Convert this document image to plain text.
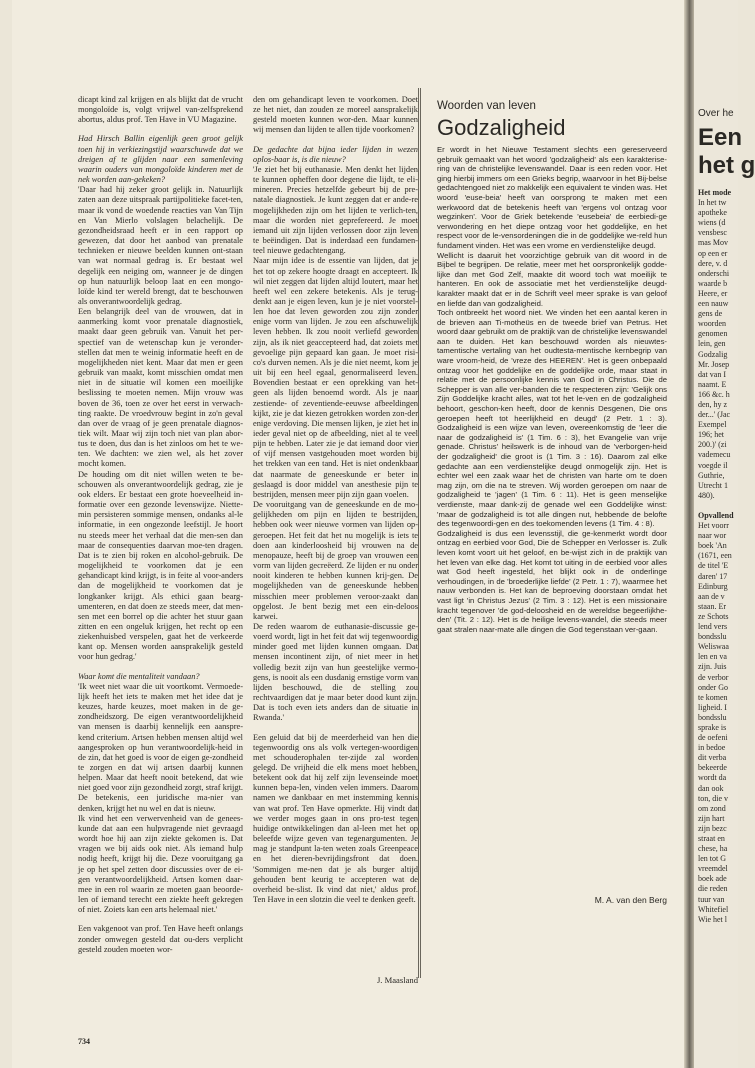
dicapt kind zal krijgen en als blijkt dat de vrucht mongoloïde is, volgt vrijwel van-zelfsprekend abortus, aldus prof. Ten Have in VU Magazine.

Had Hirsch Ballin eigenlijk geen groot gelijk toen hij in verkiezingstijd waarschuwde dat we dreigen af te glijden naar een samenleving waarin ouders van mongoloïde kinderen met de nek worden aan-gekeken?

'Daar had hij zeker groot gelijk in. Natuurlijk zaten aan deze uitspraak partijpolitieke facet-ten, maar ik vond de woedende reacties van Van Tijn en Van Mierlo volslagen belachelijk. De gezondheidsraad heeft er in een rapport op gewezen, dat door het aanbod van prenatale technieken er nieuwe beelden kunnen ont-staan van wat normaal gedrag is. Er bestaat wel degelijk een neiging om, wanneer je de dingen op hun natuurlijk beloop laat en een mongo-loïde kind ter wereld brengt, dat te beschouwen als onverantwoordelijk gedrag.

Een belangrijk deel van de vrouwen, dat in aanmerking komt voor prenatale diagnostiek, maakt daar geen gebruik van. Vanuit het per-spectief van de wetenschap kun je veronder-stellen dat men te weinig informatie heeft en de mogelijkheden niet kent. Maar dat men er geen gebruik van maakt, komt misschien omdat men niet in de situatie wil komen een moeilijke beslissing te moeten nemen. Mijn vrouw was boven de 36, toen ze over het eerst in verwach-ting raakte. De vroedvrouw begint in zo'n geval dan over de vraag of je geen prenatale diagnos-tiek wilt. Maar wij zijn toch niet van plan abor-tus te doen, dus dan is het zinloos om het te we-ten. We dachten: we zien wel, als het zover mocht komen.

De houding om dit niet willen weten te be-schouwen als onverantwoordelijk gedrag, zie je ook elders. Er bestaat een grote hoeveelheid in-formatie over een gezonde levenswijze. Niette-min persisteren sommige mensen, ondanks al-le informatie, in een ongezonde leefstijl. Je hoort nu steeds meer het verhaal dat die men-sen dan maar de consequenties daarvan moe-ten dragen. Dat is te zien bij roken en alcohol-gebruik. De mogelijkheid te voorkomen dat je een gehandicapt kind krijgt, is in feite al voor-anders dan de mogelijkheid te voorkomen dat je longkanker krijgt. Als ethici gaan bearg-umenteren, en dat doen ze steeds meer, dat men-sen met een borrel op die achter het stuur gaan zitten en een ongeluk krijgen, het recht op een ziekenhuisbed verspelen, gaat het de verkeerde kant op. Mensen worden aansprakelijk gesteld voor hun gedrag.'

Waar komt die mentaliteit vandaan?

'Ik weet niet waar die uit voortkomt. Vermoede-lijk heeft het iets te maken met het idee dat je keuzes, harde keuzes, moet maken in de ge-zondheidszorg. De eigen verantwoordelijkheid van mensen is daarbij kennelijk een aanspre-kend criterium. Artsen hebben mensen altijd wel aangesproken op hun verantwoordelijk-heid in de zin, dat het goed is voor de eigen ge-zondheid te zorgen en dat wij artsen daarbij kunnen helpen. Maar dat heeft nooit betekend, dat wie niet goed voor zijn gezondheid zorgt, straf krijgt. De betekenis, een juridische ma-nier van denken, krijgt het nu wel en dat is nieuw.

Ik vind het een verwervenheid van de genees-kunde dat aan een hulpvragende niet gevraagd wordt hoe hij aan zijn ziekte gekomen is. Dat vragen we bij aids ook niet. Als iemand hulp nodig heeft, krijgt hij die. Deze vooruitgang ga je op het spel zetten door discussies over de ei-gen verantwoordelijkheid. Artsen komen daar-mee in een rol waarin ze moeten gaan beoorde-len of iemand terecht een ziekte heeft gekregen of niet. Zoiets kan een arts helemaal niet.'

Een vakgenoot van prof. Ten Have heeft onlangs zonder omwegen gesteld dat ou-ders verplicht gesteld zouden moeten wor-

den om gehandicapt leven te voorkomen. Doet ze het niet, dan zouden ze moreel aansprakelijk gesteld moeten kunnen wor-den. Maar kunnen wij mensen dan lijden te allen tijde voorkomen?

De gedachte dat bijna ieder lijden in wezen oplos-baar is, is die nieuw?

'Je ziet het bij euthanasie. Men denkt het lijden te kunnen opheffen door degene die lijdt, te eli-mineren. Precies hetzelfde gebeurt bij de pre-natale diagnostiek. Je kunt zeggen dat er ande-re mogelijkheden zijn om het lijden te verlich-ten, maar die worden niet geprefereerd. Je moet iemand uit zijn lijden verlossen door zijn leven te beëindigen. Dat is inderdaad een fundamen-teel nieuwe gedachtengang.

Naar mijn idee is de essentie van lijden, dat je het tot op zekere hoogte draagt en accepteert. Ik wil niet zeggen dat lijden altijd loutert, maar het heeft wel een zekere betekenis. Als je terug-denkt aan je eigen leven, kun je je niet voorstel-len hoe dat leven geworden zou zijn zonder enige vorm van lijden. Je zou een afschuwelijk leven hebben. Ik zou nooit verliefd geworden zijn, als ik niet geaccepteerd had, dat zoiets met gevoelige pijn gepaard kan gaan. Je moet risi-co's durven nemen. Als je die niet neemt, kom je uit bij een heel egaal, genormaliseerd leven. Bovendien bestaat er een oprekking van het-geen als lijden benoemd wordt. Als je naar zestiende- of zeventiende-eeuwse afbeeldingen kijkt, zie je dat kiezen getrokken worden zon-der enige verdoving. Die mensen lijken, je ziet het in ieder geval niet op de afbeelding, niet al te veel pijn te hebben. Later zie je dat iemand door vier of vijf mensen vastgehouden moet worden bij het trekken van een tand. Het is niet ondenkbaar dat naarmate de geneeskunde er beter in geslaagd is door middel van anesthesie pijn te bestrijden, mensen meer pijn zijn gaan voelen.

De vooruitgang van de geneeskunde en de mo-gelijkheden om pijn en lijden te bestrijden, hebben ook weer nieuwe vormen van lijden op-geroepen. Het feit dat het nu mogelijk is iets te doen aan kinderloosheid bij vrouwen na de menopauze, heeft bij de groep van vrouwen een vorm van lijden gecreëerd. Ze lijden er nu onder nooit kinderen te hebben kunnen krij-gen. De mogelijkheden van de geneeskunde hebben misschien meer problemen veroor-zaakt dan opgelost. Je bent bezig met een ein-deloos karwei.

De reden waarom de euthanasie-discussie ge-voerd wordt, ligt in het feit dat wij tegenwoordig minder goed met lijden kunnen omgaan. Dat mensen incontinent zijn, of niet meer in het volledig bezit zijn van hun geestelijke vermo-gens, is nooit als een dusdanig ernstige vorm van lijden beschouwd, die de stelling zou rechtvaardigen dat je maar beter dood kunt zijn. Dat is toch even iets anders dan de situatie in Rwanda.'

Een geluid dat bij de meerderheid van hen die tegenwoordig ons als volk vertegen-woordigen met schouderophalen ter-zijde zal worden gelegd. De vrijheid die elk mens moet hebben, betekent ook dat hij zelf zijn levenseinde moet kunnen bepa-len, vinden velen immers. Daarom namen we dankbaar en met instemming kennis van wat prof. Ten Have opmerkte. Hij vindt dat we verder moges gaan in ons pro-test tegen huidige ontwikkelingen dan al-leen met het op beleefde wijze geven van tegenargumenten. Je mag je standpunt la-ten weten zoals Greenpeace en het dieren-bevrijdingsfront dat doen. 'Sommigen me-nen dat je als burger altijd gehouden bent keurig te accepteren wat de overheid be-slist. Ik vind dat niet,' aldus prof. Ten Have in een slotzin die veel te denken geeft.

Woorden van leven
Godzaligheid

Er wordt in het Nieuwe Testament slechts een gereserveerd gebruik gemaakt van het woord 'godzaligheid' als een karakterise-ring van de christelijke levenswandel. Daar is een reden voor. Het ging hierbij immers om een Grieks begrip, waarvoor in het Bij-belse gedachtengoed niet zo makkelijk een equivalent te vinden was. Het woord 'euse-beia' heeft van oorsprong te maken met een werkwoord dat de betekenis heeft van 'ergens vol ontzag voor wegzinken'. Voor de Griek betekende 'eusebeia' de eerbiedi-ge verwondering en het diepe ontzag voor het goddelijke, en het respect voor de le-vensordeningen die in de goddelijke we-reld hun fundament vinden. Het was een vrome en verdienstelijke deugd.

Wellicht is daaruit het voorzichtige gebruik van dit woord in de Bijbel te begrijpen. De relatie, meer met het oorspronkelijk godde-lijke dan met God Zelf, maakte dit woord toch wat moeilijk te hanteren. En ook de associatie met het verdienstelijke deugd-karakter maakt dat er in de Schrift veel meer sprake is van geloof en liefde dan van godzaligheid.

Toch ontbreekt het woord niet. We vinden het een aantal keren in de brieven aan Ti-motheüs en de tweede brief van Petrus. Het woord daar gebruikt om de praktijk van de christelijke levenswandel aan te duiden. Het kan beschouwd worden als nieuwtes-tamentische vertaling van het oudtesta-mentische kernbegrip van ware vroom-heid, de 'vreze des HEEREN'. Het is geen onbepaald ontzag voor het goddelijke en de goddelijke orde, maar staat in relatie met de persoonlijke kennis van God in Christus. Die de Schepper is van alle ver-banden die te respecteren zijn: 'Gelijk ons Zijn Goddelijke kracht alles, wat tot het le-ven en de godzaligheid behoort, geschon-ken heeft, door de kennis Desgenen, Die ons geroepen heeft tot heerlijkheid en deugd' (2 Petr. 1 : 3). Godzaligheid is een wijze van leven, overeenkomstig de 'leer die naar de godzaligheid is' (1 Tim. 6 : 3), het Evangelie van vrije genade. Christus' heilswerk is de inhoud van de 'verborgen-heid der godzaligheid' die groot is (1 Tim. 3 : 16). Daarom zal elke gedachte aan een verdienstelijke deugd onmogelijk zijn. Het is echter wel een zaak waar het de christen van harte om te doen mag zijn, om die na te streven. Wij worden geroepen om naar de godzaligheid te 'jagen' (1 Tim. 6 : 11). Het is geen menselijke verdienste, maar dank-zij de genade wel een Goddelijke winst: 'maar de godzaligheid is tot alle dingen nut, hebbende de belofte des tegenwoordi-gen en des toekomenden levens (1 Tim. 4 : 8).

Godzaligheid is dus een levensstijl, die ge-kenmerkt wordt door ontzag en eerbied voor God, Die de Schepper en Verlosser is. Zulk leven komt voort uit het geloof, en be-wijst zich in de praktijk van het leven van elke dag. Het komt tot uiting in de eerbied voor alles wat God heeft ingesteld, het blijkt ook in de onderlinge verhoudingen, in de 'broederlijke liefde' (2 Petr. 1 : 7), waarmee het nauw verbonden is. Het kan de beproeving doorstaan omdat het vast ligt 'in Christus Jezus' (2 Tim. 3 : 12). Het is een missionaire kracht tegenover 'de god-deloosheid en de wereldse begeerlijkhe-den' (Tit. 2 : 12). Het is de heilige levens-wandel, die steeds meer gaat stralen naar-mate alle dingen die God tegenstaan ver-gaan.

M. A. van den Berg
J. Maasland
734
Over he
Een
het g
Het mode
In het tw
apotheke
wiens (d
vensbesc
mas Mov
op een er
dere, v. d
onderschi
waarde b
Heere, er
een nauw
gens de
woorden
genomen
lein, gen
Godzalig
Mr. Josep
dat van I
naamt. E
166 &c. h
den, hy z
der...' (Jac
Exempel
196; het
200.)' (zi
vademecu
voegde il
Guthrie,
Utrecht 1
480).

Opvallend
Het voorr
naar wor
boek 'An
(1671, een
de titel 'E
daren' 17
Edinburg
aan de v
staan. Er
ze Schots
lend vers
bondsslu
Weliswaa
len en va
zijn. Juis
de verbor
onder Go
te komen
ligheid. I
bondsslu
sprake is
de oefeni
in bedoe
dit verba
bekeerde
wordt da
dan ook
ton, die v
om zond
zijn hart
zijn bezc
straat en
chese, ha
len tot G
vreemdel
boek ade
die reden
tuur van
Whitefiel
Wie het l
